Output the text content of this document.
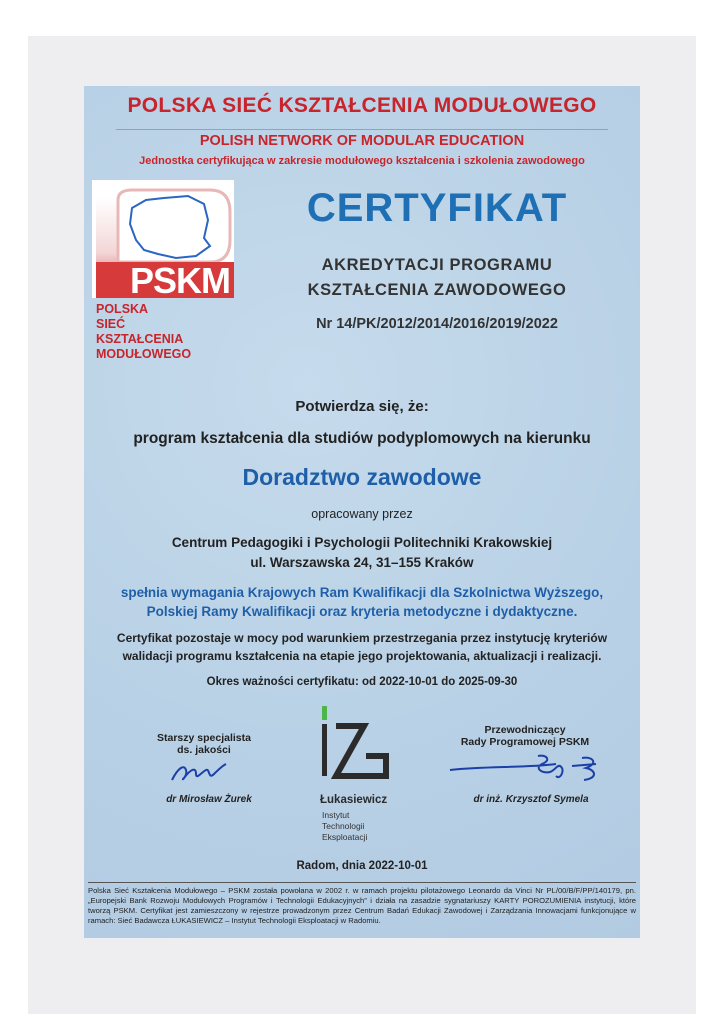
POLSKA SIEĆ KSZTAŁCENIA MODUŁOWEGO
POLISH NETWORK OF MODULAR EDUCATION
Jednostka certyfikująca w zakresie modułowego kształcenia i szkolenia zawodowego
PSKM
POLSKA
SIEĆ
KSZTAŁCENIA
MODUŁOWEGO
CERTYFIKAT
AKREDYTACJI PROGRAMU
KSZTAŁCENIA ZAWODOWEGO
Nr 14/PK/2012/2014/2016/2019/2022
Potwierdza się, że:
program kształcenia dla studiów podyplomowych na kierunku
Doradztwo zawodowe
opracowany przez
Centrum Pedagogiki i Psychologii Politechniki Krakowskiej
ul. Warszawska 24, 31–155 Kraków
spełnia wymagania Krajowych Ram Kwalifikacji dla Szkolnictwa Wyższego,
Polskiej Ramy Kwalifikacji oraz kryteria metodyczne i dydaktyczne.
Certyfikat pozostaje w mocy pod warunkiem przestrzegania przez instytucję kryteriów
walidacji programu kształcenia na etapie jego projektowania, aktualizacji i realizacji.
Okres ważności certyfikatu: od 2022-10-01 do 2025-09-30
Starszy specjalista
ds. jakości
dr Mirosław Żurek	Łukasiewicz
Instytut
Technologii
Eksploatacji
Przewodniczący
Rady Programowej PSKM
dr inż. Krzysztof Symela
Radom, dnia 2022-10-01
Polska Sieć Kształcenia Modułowego – PSKM została powołana w 2002 r. w ramach projektu pilotażowego Leonardo da Vinci Nr PL/00/B/F/PP/140179, pn. „Europejski Bank Rozwoju Modułowych Programów i Technologii Edukacyjnych” i działa na zasadzie sygnatariuszy KARTY POROZUMIENIA instytucji, które tworzą PSKM. Certyfikat jest zamieszczony w rejestrze prowadzonym przez Centrum Badań Edukacji Zawodowej i Zarządzania Innowacjami funkcjonujące w ramach: Sieć Badawcza ŁUKASIEWICZ – Instytut Technologii Eksploatacji w Radomiu.
